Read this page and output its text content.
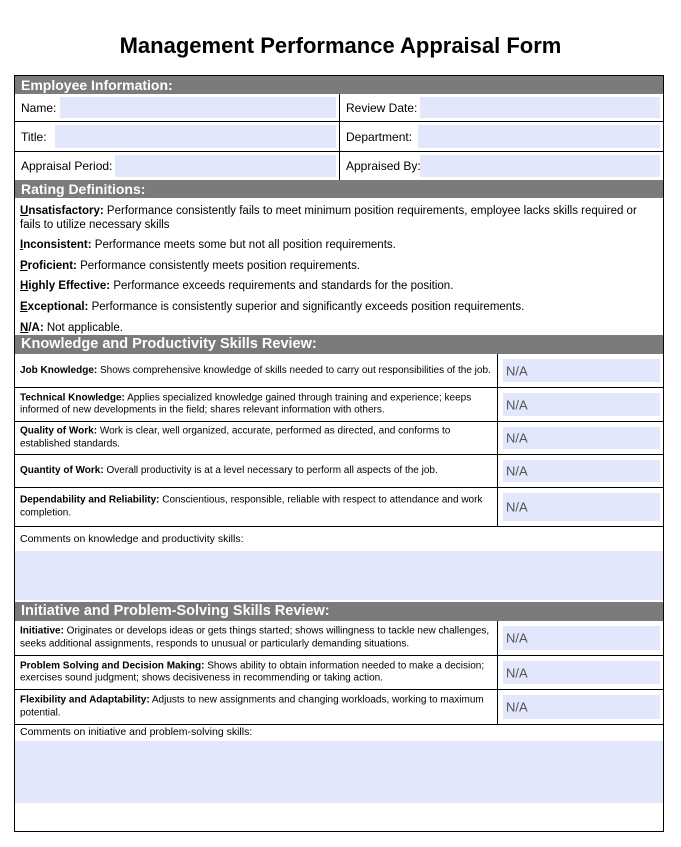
Management Performance Appraisal Form
Employee Information:
Name:	Review Date:
Title:	Department:
Appraisal Period:	Appraised By:
Rating Definitions:
Unsatisfactory: Performance consistently fails to meet minimum position requirements, employee lacks skills required or fails to utilize necessary skills
Inconsistent: Performance meets some but not all position requirements.
Proficient: Performance consistently meets position requirements.
Highly Effective: Performance exceeds requirements and standards for the position.
Exceptional: Performance is consistently superior and significantly exceeds position requirements.
N/A: Not applicable.
Knowledge and Productivity Skills Review:
Job Knowledge: Shows comprehensive knowledge of skills needed to carry out responsibilities of the job.	N/A
Technical Knowledge: Applies specialized knowledge gained through training and experience; keeps informed of new developments in the field; shares relevant information with others.	N/A
Quality of Work: Work is clear, well organized, accurate, performed as directed, and conforms to established standards.	N/A
Quantity of Work: Overall productivity is at a level necessary to perform all aspects of the job.	N/A
Dependability and Reliability: Conscientious, responsible, reliable with respect to attendance and work completion.	N/A
Comments on knowledge and productivity skills:
Initiative and Problem-Solving Skills Review:
Initiative: Originates or develops ideas or gets things started; shows willingness to tackle new challenges, seeks additional assignments, responds to unusual or particularly demanding situations.	N/A
Problem Solving and Decision Making: Shows ability to obtain information needed to make a decision; exercises sound judgment; shows decisiveness in recommending or taking action.	N/A
Flexibility and Adaptability: Adjusts to new assignments and changing workloads, working to maximum potential.	N/A
Comments on initiative and problem-solving skills:
